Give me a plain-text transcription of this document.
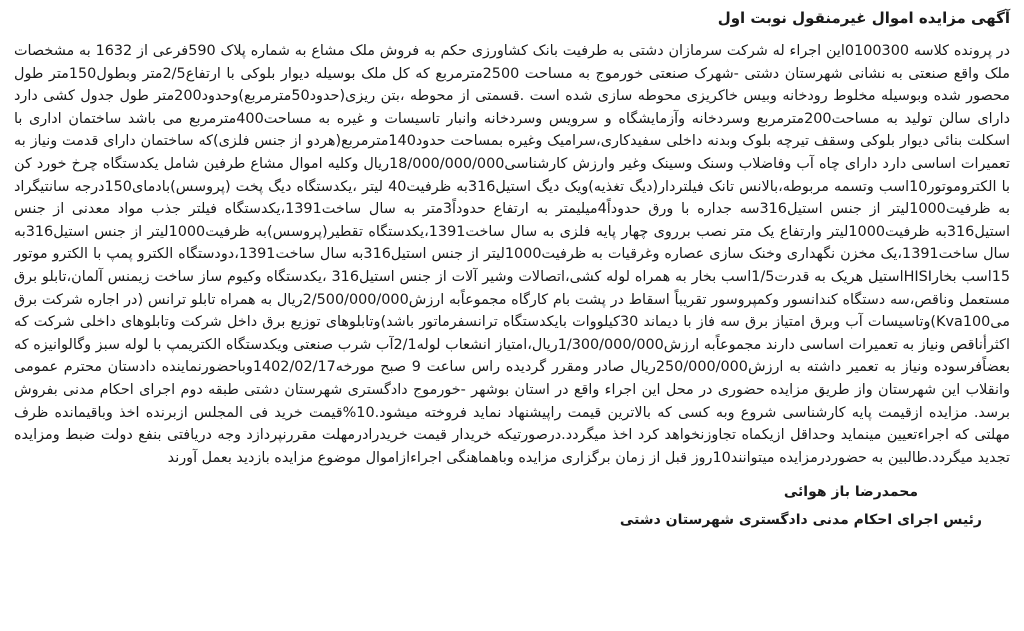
آگهی مزایده اموال غیرمنقول نوبت اول

در پرونده کلاسه 0100300این اجراء له شرکت سرمازان دشتی به طرفیت بانک کشاورزی حکم به فروش ملک مشاع به شماره پلاک 590فرعی از 1632 به مشخصات ملک واقع صنعتی به نشانی شهرستان دشتی -شهرک صنعتی خورموج به مساحت 2500مترمربع که کل ملک بوسیله دیوار بلوکی با ارتفاع2/5متر وبطول150متر طول محصور شده وبوسیله مخلوط رودخانه وبیس خاکریزی محوطه سازی شده است .قسمتی از محوطه ،بتن ریزی(حدود50مترمربع)وحدود200متر طول جدول کشی دارد دارای سالن تولید به مساحت200مترمربع وسردخانه وآزمایشگاه و سرویس وسردخانه وانبار تاسیسات و غیره به مساحت400مترمربع می باشد ساختمان اداری با اسکلت بنائی دیوار بلوکی وسقف تیرچه بلوک وبدنه داخلی سفیدکاری،سرامیک وغیره بمساحت حدود140مترمربع(هردو از جنس فلزی)که ساختمان دارای قدمت ونیاز به تعمیرات اساسی دارد دارای چاه آب وفاضلاب وسنک وسینک وغیر وارزش کارشناسی18/000/000/000ریال وکلیه اموال مشاع طرفین شامل یکدستگاه چرخ خورد کن با الکتروموتور10اسب وتسمه مربوطه،بالانس تانک فیلتردار(دیگ تغذیه)ویک دیگ استیل316به ظرفیت40 لیتر ،یکدستگاه دیگ پخت (پروسس)بادمای150درجه سانتیگراد به ظرفیت1000لیتر از جنس استیل316سه جداره با ورق حدوداً4میلیمتر به ارتفاع حدوداً3متر به سال ساخت1391،یکدستگاه فیلتر جذب مواد معدنی از جنس استیل316به ظرفیت1000لیتر وارتفاع یک متر نصب برروی چهار پایه فلزی به سال ساخت1391،یکدستگاه تقطیر(پروسس)به ظرفیت1000لیتر از جنس استیل316به سال ساخت1391،یک مخزن نگهداری وخنک سازی عصاره وغرقیات به ظرفیت1000لیتر از جنس استیل316به سال ساخت1391،دودستگاه الکترو پمپ با الکترو موتور 15اسب بخارHISIاستیل هریک به قدرت1/5اسب بخار به همراه لوله کشی،اتصالات وشیر آلات از جنس استیل316 ،یکدستگاه وکیوم ساز ساخت زیمنس آلمان،تابلو برق مستعمل وناقص،سه دستگاه کندانسور وکمپروسور تقریباً اسقاط در پشت بام کارگاه مجموعاًبه ارزش2/500/000/000ریال به همراه تابلو ترانس (در اجاره شرکت برق میKva100)وتاسیسات آب وبرق امتیاز برق سه فاز با دیماند 30کیلووات بایکدستگاه ترانسفرماتور باشد)وتابلوهای توزیع برق داخل شرکت وتابلوهای داخلی شرکت که اکثرأناقص ونیاز به تعمیرات اساسی دارند مجموعاًبه ارزش1/300/000/000ریال،امتیاز انشعاب لوله2/1آب شرب صنعتی ویکدستگاه الکتریمپ با لوله سبز وگالوانیزه که بعضاًفرسوده ونیاز به تعمیر داشته به ارزش250/000/000ریال صادر ومقرر گردیده راس ساعت 9 صبح مورخه1402/02/17وباحضورنماینده دادستان محترم عمومی وانقلاب این شهرستان واز طریق مزایده حضوری در محل این اجراء واقع در استان بوشهر -خورموج دادگستری شهرستان دشتی طبقه دوم اجرای احکام مدنی بفروش برسد. مزایده ازقیمت پایه کارشناسی شروع وبه کسی که بالاترین قیمت راپیشنهاد نماید فروخته میشود.10%قیمت خرید فی المجلس ازبرنده اخذ وباقیمانده ظرف مهلتی که اجراءتعیین مینماید وحداقل ازیکماه تجاوزنخواهد کرد اخذ میگردد.درصورتیکه خریدار قیمت خریدرادرمهلت مقررنپردازد وجه دریافتی بنفع دولت ضبط ومزایده تجدید میگردد.طالبین به حضوردرمزایده میتوانند10روز قبل از زمان برگزاری مزایده وباهماهنگی اجراءازاموال موضوع مزایده بازدید بعمل آورند

محمدرضا باز هوائی
رئیس اجرای احکام مدنی دادگستری شهرستان دشتی
